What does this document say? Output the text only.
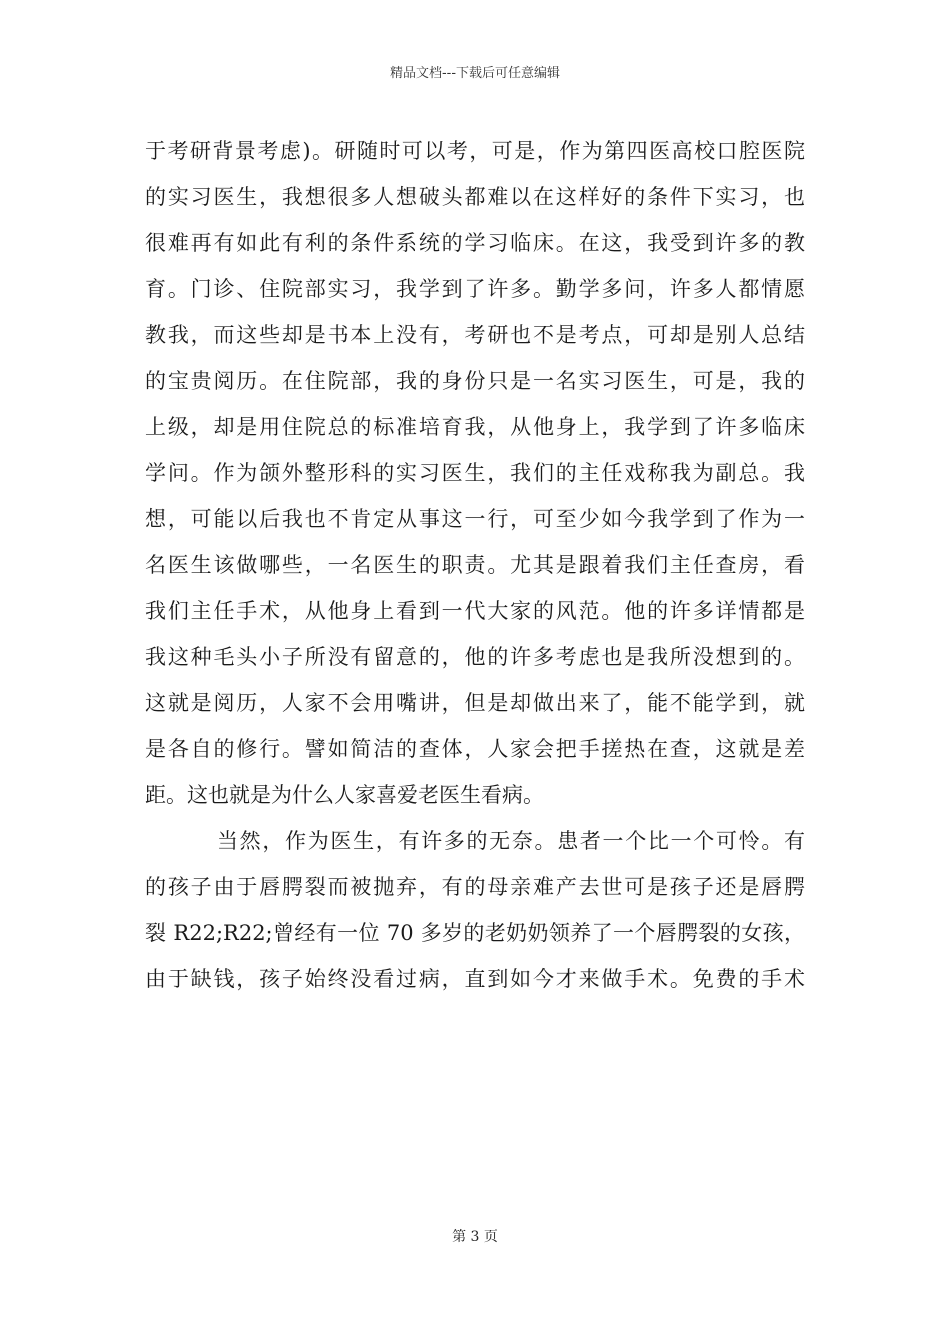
精品文档---下载后可任意编辑
于考研背景考虑)。研随时可以考，可是，作为第四医高校口腔医院
的实习医生，我想很多人想破头都难以在这样好的条件下实习，也
很难再有如此有利的条件系统的学习临床。在这，我受到许多的教
育。门诊、住院部实习，我学到了许多。勤学多问，许多人都情愿
教我，而这些却是书本上没有，考研也不是考点，可却是别人总结
的宝贵阅历。在住院部，我的身份只是一名实习医生，可是，我的
上级，却是用住院总的标准培育我，从他身上，我学到了许多临床
学问。作为颌外整形科的实习医生，我们的主任戏称我为副总。我
想，可能以后我也不肯定从事这一行，可至少如今我学到了作为一
名医生该做哪些，一名医生的职责。尤其是跟着我们主任查房，看
我们主任手术，从他身上看到一代大家的风范。他的许多详情都是
我这种毛头小子所没有留意的，他的许多考虑也是我所没想到的。
这就是阅历，人家不会用嘴讲，但是却做出来了，能不能学到，就
是各自的修行。譬如简洁的查体，人家会把手搓热在查，这就是差
距。这也就是为什么人家喜爱老医生看病。
当然，作为医生，有许多的无奈。患者一个比一个可怜。有
的孩子由于唇腭裂而被抛弃，有的母亲难产去世可是孩子还是唇腭
裂 R22;R22;曾经有一位 70 多岁的老奶奶领养了一个唇腭裂的女孩，
由于缺钱，孩子始终没看过病，直到如今才来做手术。免费的手术
第 3 页
